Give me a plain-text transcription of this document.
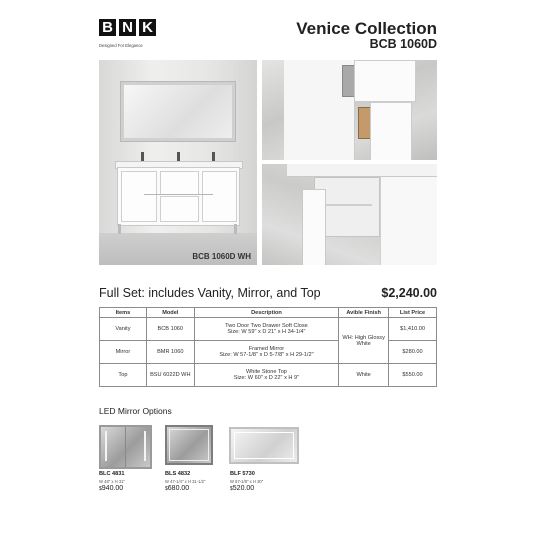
B N K
Designed For Elegance
Venice Collection
BCB 1060D
BCB 1060D WH
Full Set: includes Vanity, Mirror, and Top	$2,240.00
Items	Model	Description	Avible Finish	List Price
Vanity	BCB 1060	Two Door Two Drawer Soft Close
Size: W 59" x D 21" x H 34-1/4"	WH: High Glossy White	$1,410.00
Mirror	BMR 1060	Framed Mirror
Size: W 57-1/8" x D 5-7/8" x H 29-1/2"		$280.00
Top	BSU 6022D WH	White Stone Top
Size: W 60" x D 22" x H 9"	White	$550.00
LED Mirror Options
BLC 4831
W 48" x H 31"
$940.00
BLS 4832
W 47-1/4" x H 31-1/2"
$680.00
BLF 5730
W 57-1/8" x H 30"
$520.00
